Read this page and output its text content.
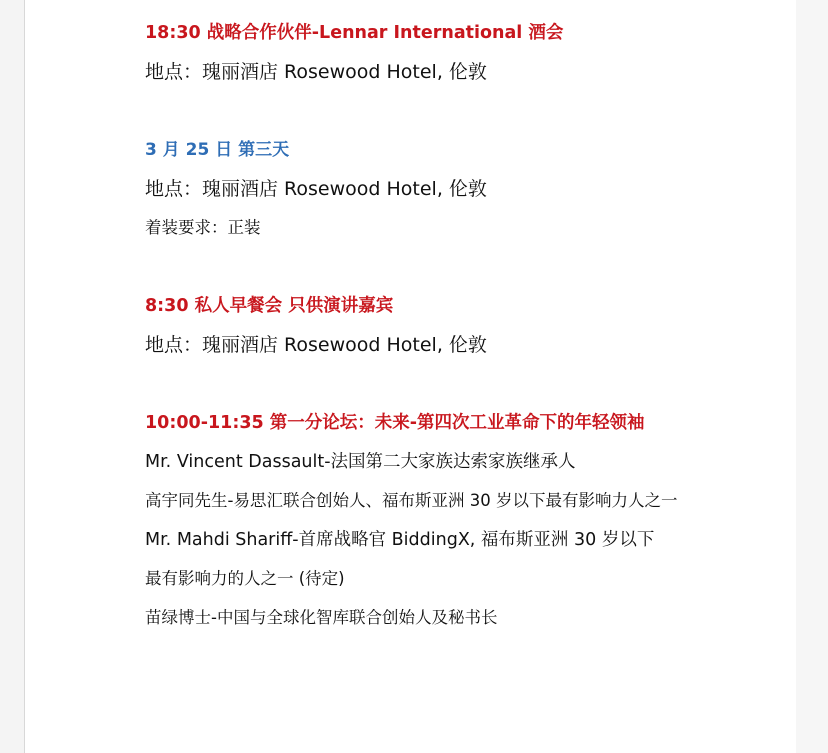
18:30 战略合作伙伴-Lennar International 酒会
地点：瑰丽酒店 Rosewood Hotel, 伦敦
3 月 25 日 第三天
地点：瑰丽酒店 Rosewood Hotel, 伦敦
着装要求：正装
8:30 私人早餐会 只供演讲嘉宾
地点：瑰丽酒店 Rosewood Hotel, 伦敦
10:00-11:35 第一分论坛：未来-第四次工业革命下的年轻领袖
Mr. Vincent Dassault-法国第二大家族达索家族继承人
高宇同先生-易思汇联合创始人、福布斯亚洲 30 岁以下最有影响力人之一
Mr. Mahdi Shariff-首席战略官 BiddingX, 福布斯亚洲 30 岁以下
最有影响力的人之一 (待定)
苗绿博士-中国与全球化智库联合创始人及秘书长
